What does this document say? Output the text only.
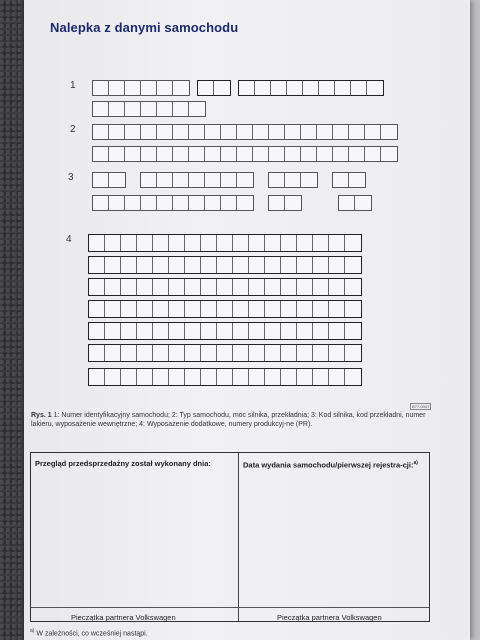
Nalepka z danymi samochodu
1
2
3
4
B77-0047
Rys. 1 1: Numer identyfikacyjny samochodu; 2: Typ samochodu, moc silnika, przekładnia; 3: Kod silnika, kod przekładni, numer lakieru, wyposażenie wewnętrzne; 4: Wyposażenie dodatkowe, numery produkcyj-ne (PR).
Przegląd przedsprzedażny został wykonany dnia:	Data wydania samochodu/pierwszej rejestra-cji:$^{a)}$
Pieczątka partnera Volkswagen	Pieczątka partnera Volkswagen
$^{a)}$ W zależności, co wcześniej nastąpi.
